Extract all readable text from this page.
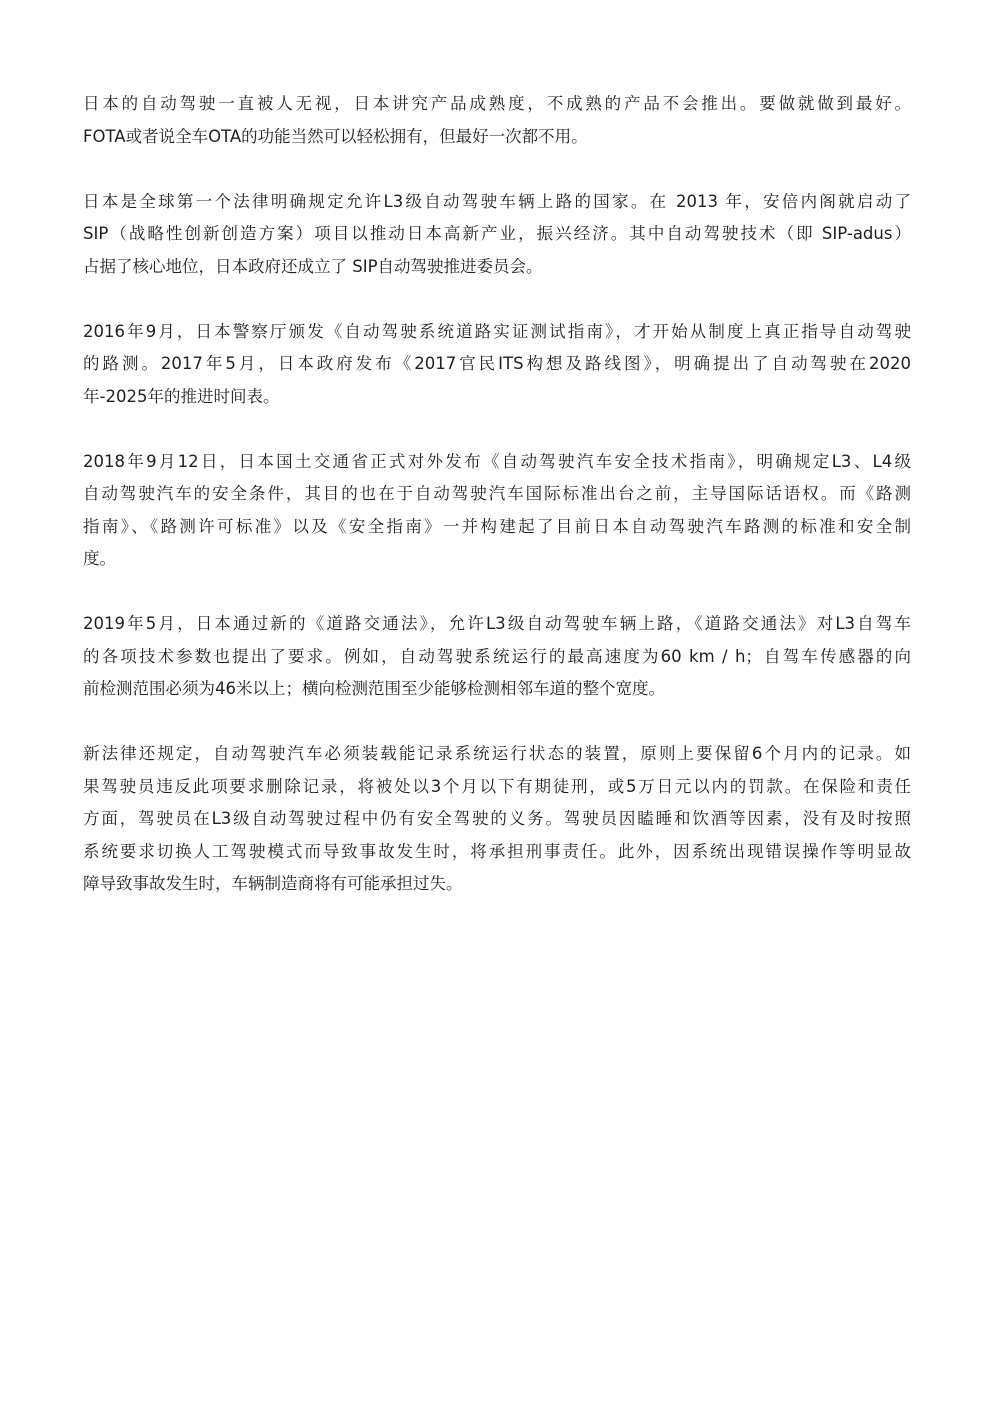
日本的自动驾驶一直被人无视，日本讲究产品成熟度，不成熟的产品不会推出。要做就做到最好。
FOTA或者说全车OTA的功能当然可以轻松拥有，但最好一次都不用。

日本是全球第一个法律明确规定允许L3级自动驾驶车辆上路的国家。在 2013 年，安倍内阁就启动了
SIP（战略性创新创造方案）项目以推动日本高新产业，振兴经济。其中自动驾驶技术（即 SIP-adus）
占据了核心地位，日本政府还成立了 SIP自动驾驶推进委员会。

2016年9月，日本警察厅颁发《自动驾驶系统道路实证测试指南》，才开始从制度上真正指导自动驾驶
的路测。2017年5月，日本政府发布《2017官民ITS构想及路线图》，明确提出了自动驾驶在2020
年-2025年的推进时间表。

2018年9月12日，日本国土交通省正式对外发布《自动驾驶汽车安全技术指南》，明确规定L3、L4级
自动驾驶汽车的安全条件，其目的也在于自动驾驶汽车国际标准出台之前，主导国际话语权。而《路测
指南》、《路测许可标准》以及《安全指南》一并构建起了目前日本自动驾驶汽车路测的标准和安全制
度。

2019年5月，日本通过新的《道路交通法》，允许L3级自动驾驶车辆上路，《道路交通法》对L3自驾车
的各项技术参数也提出了要求。例如，自动驾驶系统运行的最高速度为60 km / h；自驾车传感器的向
前检测范围必须为46米以上；横向检测范围至少能够检测相邻车道的整个宽度。

新法律还规定，自动驾驶汽车必须装载能记录系统运行状态的装置，原则上要保留6个月内的记录。如
果驾驶员违反此项要求删除记录，将被处以3个月以下有期徒刑，或5万日元以内的罚款。在保险和责任
方面，驾驶员在L3级自动驾驶过程中仍有安全驾驶的义务。驾驶员因瞌睡和饮酒等因素，没有及时按照
系统要求切换人工驾驶模式而导致事故发生时，将承担刑事责任。此外，因系统出现错误操作等明显故
障导致事故发生时，车辆制造商将有可能承担过失。
